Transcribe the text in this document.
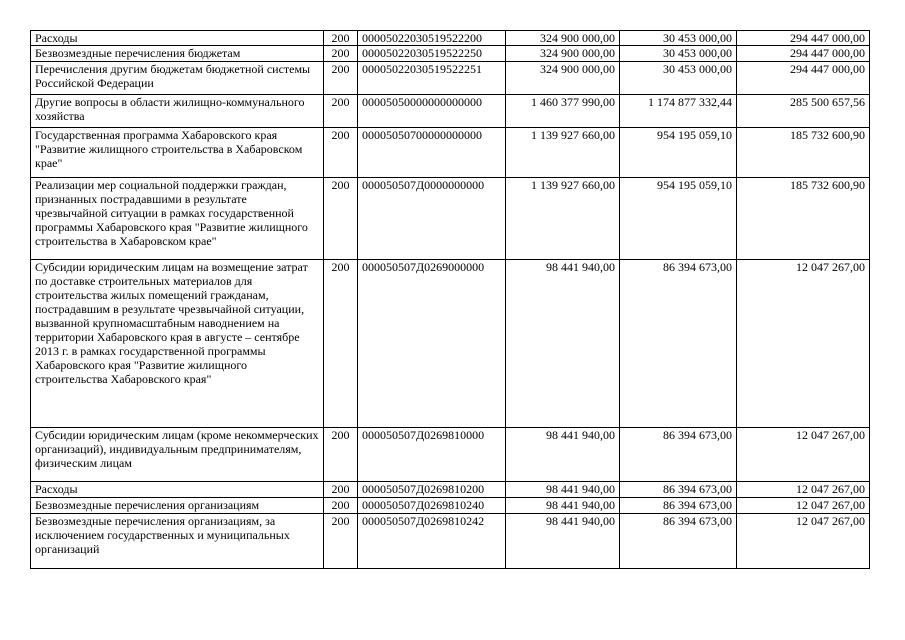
Расходы	200	00005022030519522200	324 900 000,00	30 453 000,00	294 447 000,00
Безвозмездные перечисления бюджетам	200	00005022030519522250	324 900 000,00	30 453 000,00	294 447 000,00
Перечисления другим бюджетам бюджетной системы Российской Федерации	200	00005022030519522251	324 900 000,00	30 453 000,00	294 447 000,00
Другие вопросы в области жилищно-коммунального хозяйства	200	00005050000000000000	1 460 377 990,00	1 174 877 332,44	285 500 657,56
Государственная программа Хабаровского края "Развитие жилищного строительства в Хабаровском крае"	200	00005050700000000000	1 139 927 660,00	954 195 059,10	185 732 600,90
Реализации мер социальной поддержки граждан, признанных пострадавшими в результате чрезвычайной ситуации в рамках государственной программы Хабаровского края "Развитие жилищного строительства в Хабаровском крае"	200	000050507Д0000000000	1 139 927 660,00	954 195 059,10	185 732 600,90
Субсидии юридическим лицам на возмещение затрат по доставке строительных материалов для строительства жилых помещений гражданам, пострадавшим в результате чрезвычайной ситуации, вызванной крупномасштабным наводнением на территории Хабаровского края в августе – сентябре 2013 г. в рамках государственной программы Хабаровского края "Развитие жилищного строительства Хабаровского края"	200	000050507Д0269000000	98 441 940,00	86 394 673,00	12 047 267,00
Субсидии юридическим лицам (кроме некоммерческих организаций), индивидуальным предпринимателям, физическим лицам	200	000050507Д0269810000	98 441 940,00	86 394 673,00	12 047 267,00
Расходы	200	000050507Д0269810200	98 441 940,00	86 394 673,00	12 047 267,00
Безвозмездные перечисления организациям	200	000050507Д0269810240	98 441 940,00	86 394 673,00	12 047 267,00
Безвозмездные перечисления организациям, за исключением государственных и муниципальных организаций	200	000050507Д0269810242	98 441 940,00	86 394 673,00	12 047 267,00
